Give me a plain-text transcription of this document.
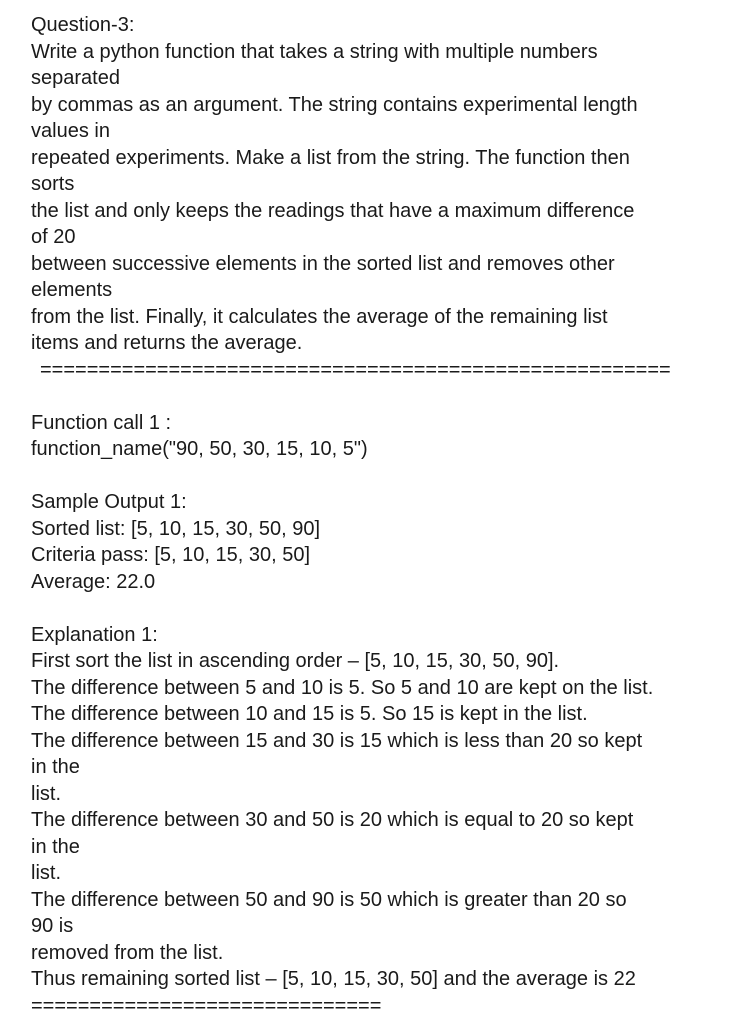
Question-3:
Write a python function that takes a string with multiple numbers
separated
by commas as an argument. The string contains experimental length
values in
repeated experiments. Make a list from the string. The function then
sorts
the list and only keeps the readings that have a maximum difference
of 20
between successive elements in the sorted list and removes other
elements
from the list. Finally, it calculates the average of the remaining list
items and returns the average.
======================================================
Function call 1 :
function_name("90, 50, 30, 15, 10, 5")
Sample Output 1:
Sorted list: [5, 10, 15, 30, 50, 90]
Criteria pass: [5, 10, 15, 30, 50]
Average: 22.0
Explanation 1:
First sort the list in ascending order – [5, 10, 15, 30, 50, 90].
The difference between 5 and 10 is 5. So 5 and 10 are kept on the list.
The difference between 10 and 15 is 5. So 15 is kept in the list.
The difference between 15 and 30 is 15 which is less than 20 so kept
in the
list.
The difference between 30 and 50 is 20 which is equal to 20 so kept
in the
list.
The difference between 50 and 90 is 50 which is greater than 20 so
90 is
removed from the list.
Thus remaining sorted list – [5, 10, 15, 30, 50] and the average is 22
==============================
